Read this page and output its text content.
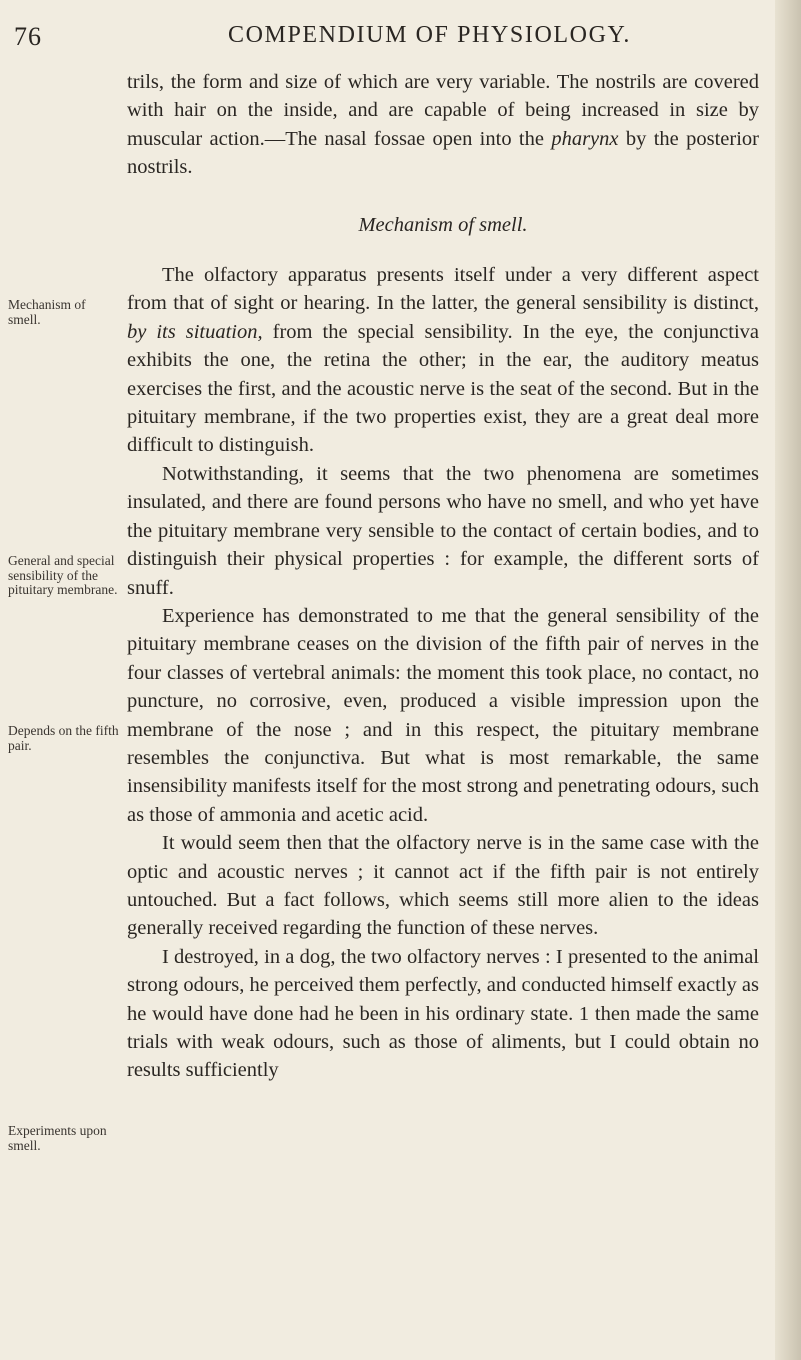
76	COMPENDIUM OF PHYSIOLOGY.
Mechanism of smell.
General and special sensibility of the pituitary membrane.
Depends on the fifth pair.
Experiments upon smell.

trils, the form and size of which are very variable. The nostrils are covered with hair on the inside, and are capable of being increased in size by muscular action.—The nasal fossae open into the pharynx by the posterior nostrils.

Mechanism of smell.

The olfactory apparatus presents itself under a very different aspect from that of sight or hearing. In the latter, the general sensibility is distinct, by its situation, from the special sensibility. In the eye, the conjunctiva exhibits the one, the retina the other; in the ear, the auditory meatus exercises the first, and the acoustic nerve is the seat of the second. But in the pituitary membrane, if the two properties exist, they are a great deal more difficult to distinguish.

Notwithstanding, it seems that the two phenomena are sometimes insulated, and there are found persons who have no smell, and who yet have the pituitary membrane very sensible to the contact of certain bodies, and to distinguish their physical properties : for example, the different sorts of snuff.

Experience has demonstrated to me that the general sensibility of the pituitary membrane ceases on the division of the fifth pair of nerves in the four classes of vertebral animals: the moment this took place, no contact, no puncture, no corrosive, even, produced a visible impression upon the membrane of the nose ; and in this respect, the pituitary membrane resembles the conjunctiva. But what is most remarkable, the same insensibility manifests itself for the most strong and penetrating odours, such as those of ammonia and acetic acid.

It would seem then that the olfactory nerve is in the same case with the optic and acoustic nerves ; it cannot act if the fifth pair is not entirely untouched. But a fact follows, which seems still more alien to the ideas generally received regarding the function of these nerves.

I destroyed, in a dog, the two olfactory nerves : I presented to the animal strong odours, he perceived them perfectly, and conducted himself exactly as he would have done had he been in his ordinary state. 1 then made the same trials with weak odours, such as those of aliments, but I could obtain no results sufficiently
